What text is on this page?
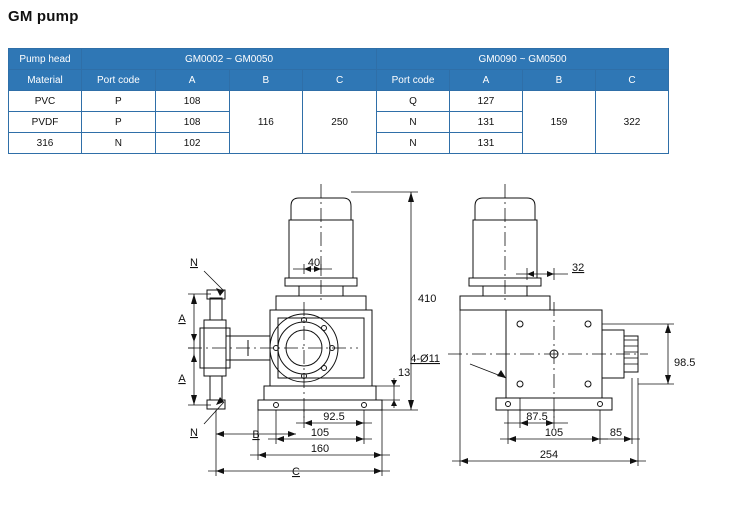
GM pump
Pump head	GM0002 ~ GM0050				GM0090 ~ GM0500			
Material	Port code	A	B	C	Port code	A	B	C
PVC	P	108	116	250	Q	127	159	322
PVDF	P	108			N	131		
316	N	102			N	131		
40
410
13
N
N
A
A
B
C
92.5
105
160
32
4-Ø11	98.5
87.5
105	85
254
